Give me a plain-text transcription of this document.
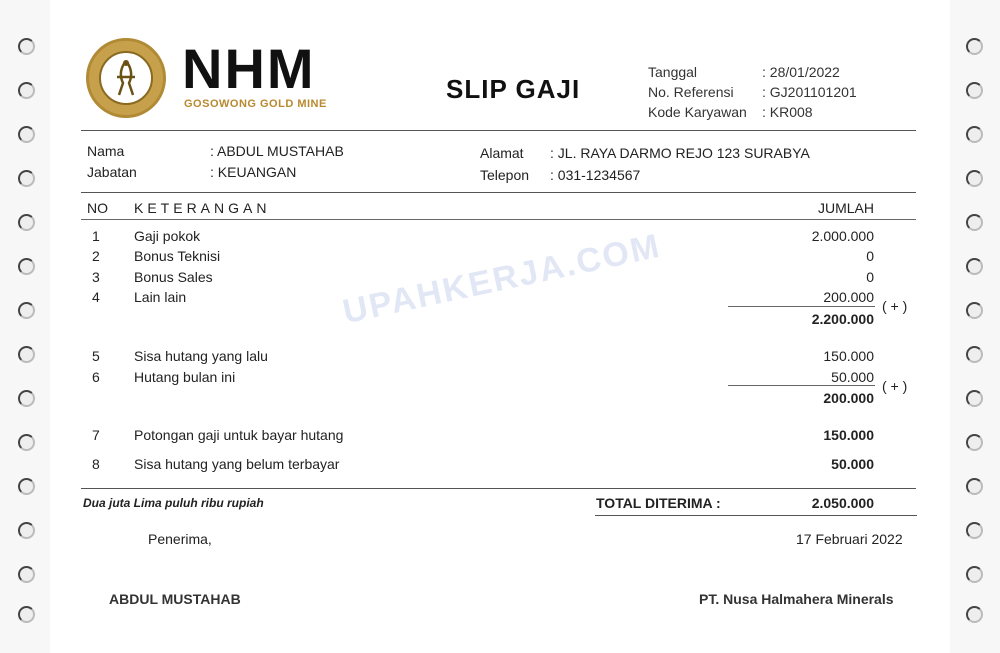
NHM
GOSOWONG GOLD MINE	SLIP GAJI
Tanggal	: 28/01/2022
No. Referensi : GJ201101201
Kode Karyawan : KR008
Nama	: ABDUL MUSTAHAB
Jabatan	: KEUANGAN
Alamat : JL. RAYA DARMO REJO 123 SURABYA
Telepon : 031-1234567
NO KETERANGAN	JUMLAH
1 Gaji pokok	2.000.000
2 Bonus Teknisi	0
3 Bonus Sales	0
4 Lain lain	200.000
( + )
2.200.000
5 Sisa hutang yang lalu	150.000
6 Hutang bulan ini	50.000
( + )
200.000
7 Potongan gaji untuk bayar hutang	150.000
8 Sisa hutang yang belum terbayar	50.000
UPAHKERJA.COM
Dua juta Lima puluh ribu rupiah	TOTAL DITERIMA :	2.050.000
Penerima,	17 Februari 2022
ABDUL MUSTAHAB	PT. Nusa Halmahera Minerals
